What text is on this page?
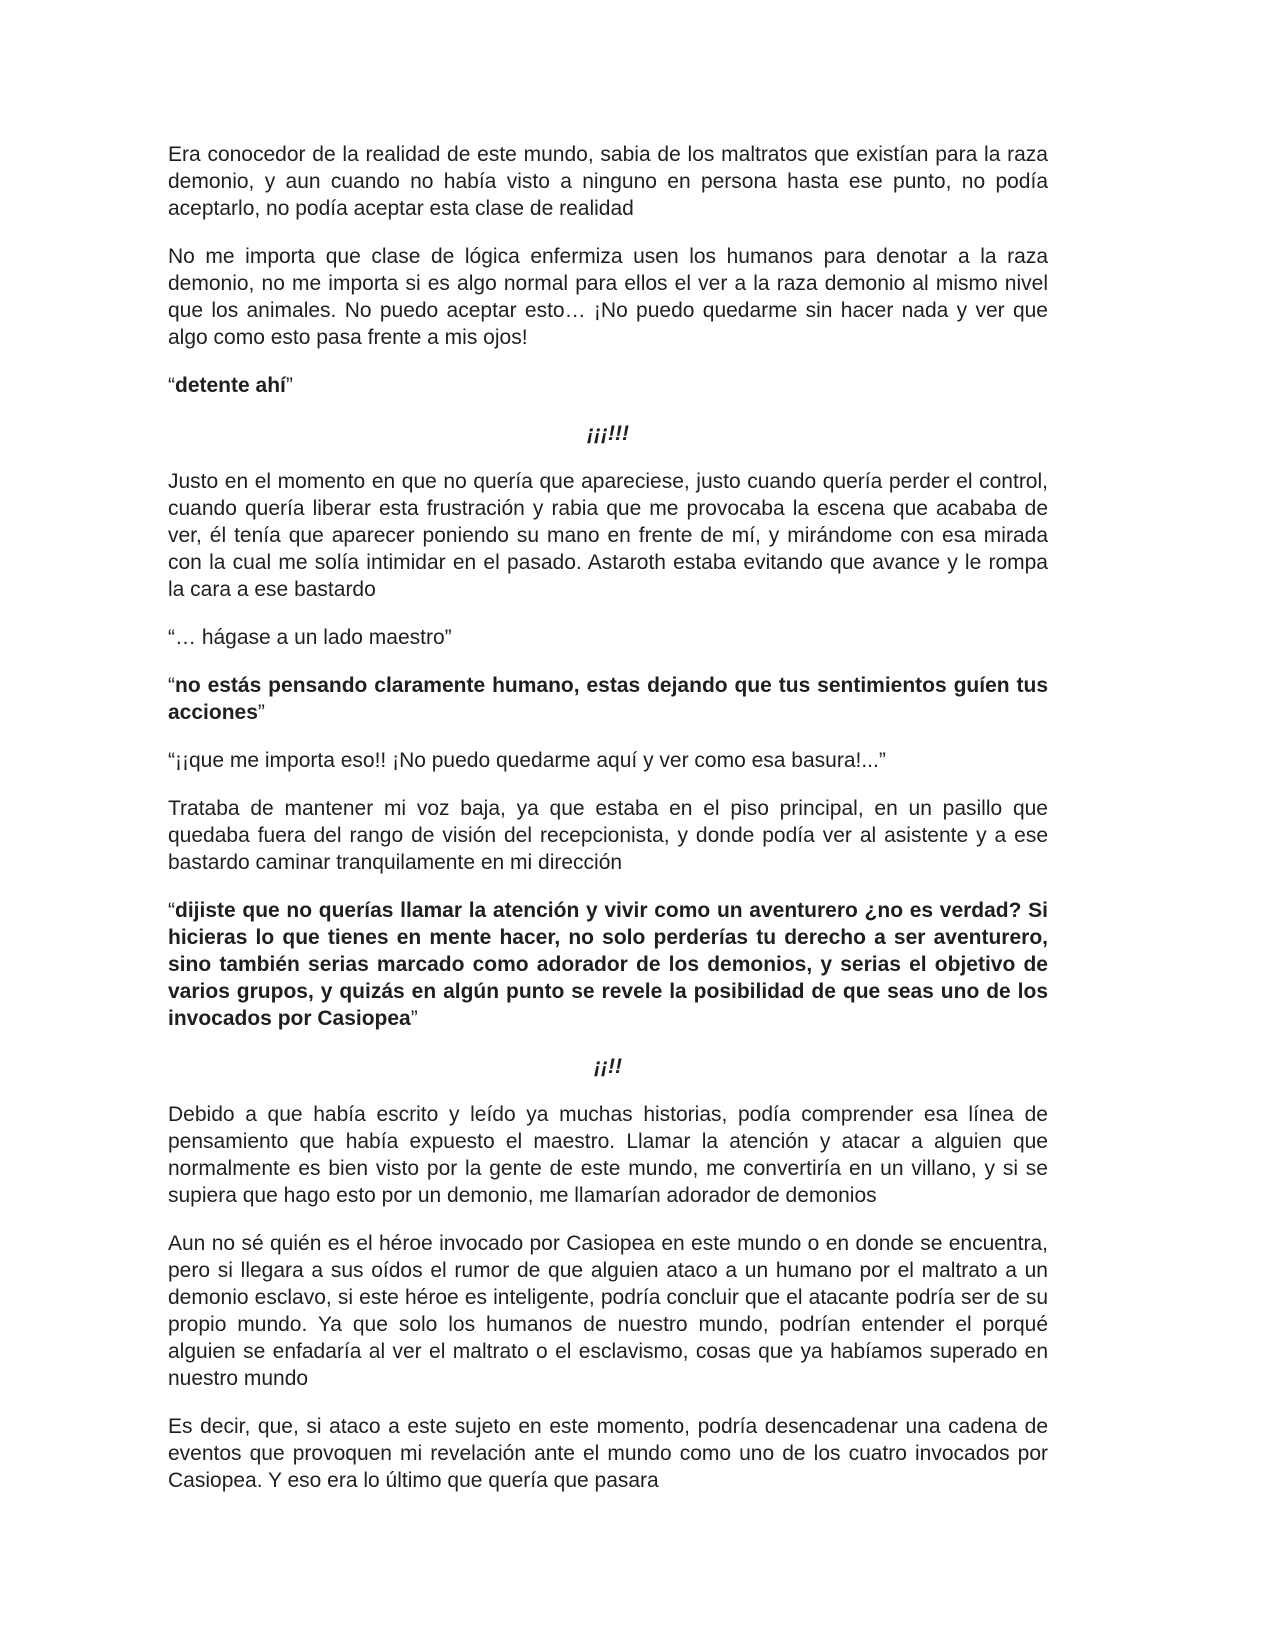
Era conocedor de la realidad de este mundo, sabia de los maltratos que existían para la raza demonio, y aun cuando no había visto a ninguno en persona hasta ese punto, no podía aceptarlo, no podía aceptar esta clase de realidad

No me importa que clase de lógica enfermiza usen los humanos para denotar a la raza demonio, no me importa si es algo normal para ellos el ver a la raza demonio al mismo nivel que los animales. No puedo aceptar esto… ¡No puedo quedarme sin hacer nada y ver que algo como esto pasa frente a mis ojos!

“detente ahí”

¡¡¡!!!

Justo en el momento en que no quería que apareciese, justo cuando quería perder el control, cuando quería liberar esta frustración y rabia que me provocaba la escena que acababa de ver, él tenía que aparecer poniendo su mano en frente de mí, y mirándome con esa mirada con la cual me solía intimidar en el pasado. Astaroth estaba evitando que avance y le rompa la cara a ese bastardo

“… hágase a un lado maestro”

“no estás pensando claramente humano, estas dejando que tus sentimientos guíen tus acciones”

“¡¡que me importa eso!! ¡No puedo quedarme aquí y ver como esa basura!...”

Trataba de mantener mi voz baja, ya que estaba en el piso principal, en un pasillo que quedaba fuera del rango de visión del recepcionista, y donde podía ver al asistente y a ese bastardo caminar tranquilamente en mi dirección

“dijiste que no querías llamar la atención y vivir como un aventurero ¿no es verdad? Si hicieras lo que tienes en mente hacer, no solo perderías tu derecho a ser aventurero, sino también serias marcado como adorador de los demonios, y serias el objetivo de varios grupos, y quizás en algún punto se revele la posibilidad de que seas uno de los invocados por Casiopea”

¡¡!!

Debido a que había escrito y leído ya muchas historias, podía comprender esa línea de pensamiento que había expuesto el maestro. Llamar la atención y atacar a alguien que normalmente es bien visto por la gente de este mundo, me convertiría en un villano, y si se supiera que hago esto por un demonio, me llamarían adorador de demonios

Aun no sé quién es el héroe invocado por Casiopea en este mundo o en donde se encuentra, pero si llegara a sus oídos el rumor de que alguien ataco a un humano por el maltrato a un demonio esclavo, si este héroe es inteligente, podría concluir que el atacante podría ser de su propio mundo. Ya que solo los humanos de nuestro mundo, podrían entender el porqué alguien se enfadaría al ver el maltrato o el esclavismo, cosas que ya habíamos superado en nuestro mundo

Es decir, que, si ataco a este sujeto en este momento, podría desencadenar una cadena de eventos que provoquen mi revelación ante el mundo como uno de los cuatro invocados por Casiopea. Y eso era lo último que quería que pasara
